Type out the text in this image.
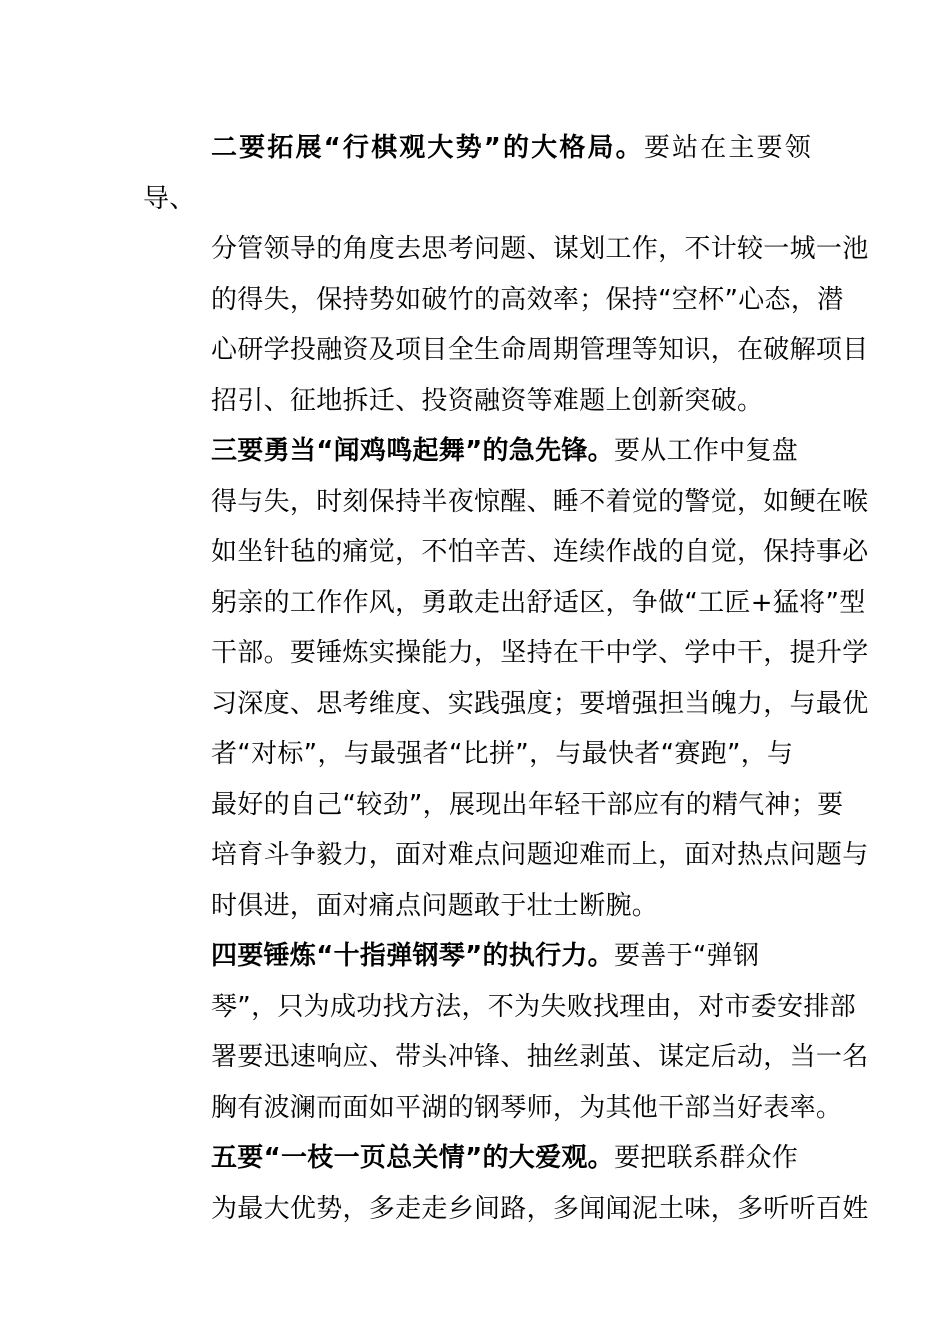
二要拓展“行棋观大势”的大格局。要站在主要领导、
分管领导的角度去思考问题、谋划工作，不计较一城一池
的得失，保持势如破竹的高效率；保持“空杯”心态，潜
心研学投融资及项目全生命周期管理等知识，在破解项目
招引、征地拆迁、投资融资等难题上创新突破。

三要勇当“闻鸡鸣起舞”的急先锋。要从工作中复盘
得与失，时刻保持半夜惊醒、睡不着觉的警觉，如鲠在喉
如坐针毡的痛觉，不怕辛苦、连续作战的自觉，保持事必
躬亲的工作作风，勇敢走出舒适区，争做“工匠+猛将”型
干部。要锤炼实操能力，坚持在干中学、学中干，提升学
习深度、思考维度、实践强度；要增强担当魄力，与最优
者“对标”，与最强者“比拼”，与最快者“赛跑”，与
最好的自己“较劲”，展现出年轻干部应有的精气神；要
培育斗争毅力，面对难点问题迎难而上，面对热点问题与
时俱进，面对痛点问题敢于壮士断腕。

四要锤炼“十指弹钢琴”的执行力。要善于“弹钢
琴”，只为成功找方法，不为失败找理由，对市委安排部
署要迅速响应、带头冲锋、抽丝剥茧、谋定后动，当一名
胸有波澜而面如平湖的钢琴师，为其他干部当好表率。

五要“一枝一页总关情”的大爱观。要把联系群众作
为最大优势，多走走乡间路，多闻闻泥土味，多听听百姓
